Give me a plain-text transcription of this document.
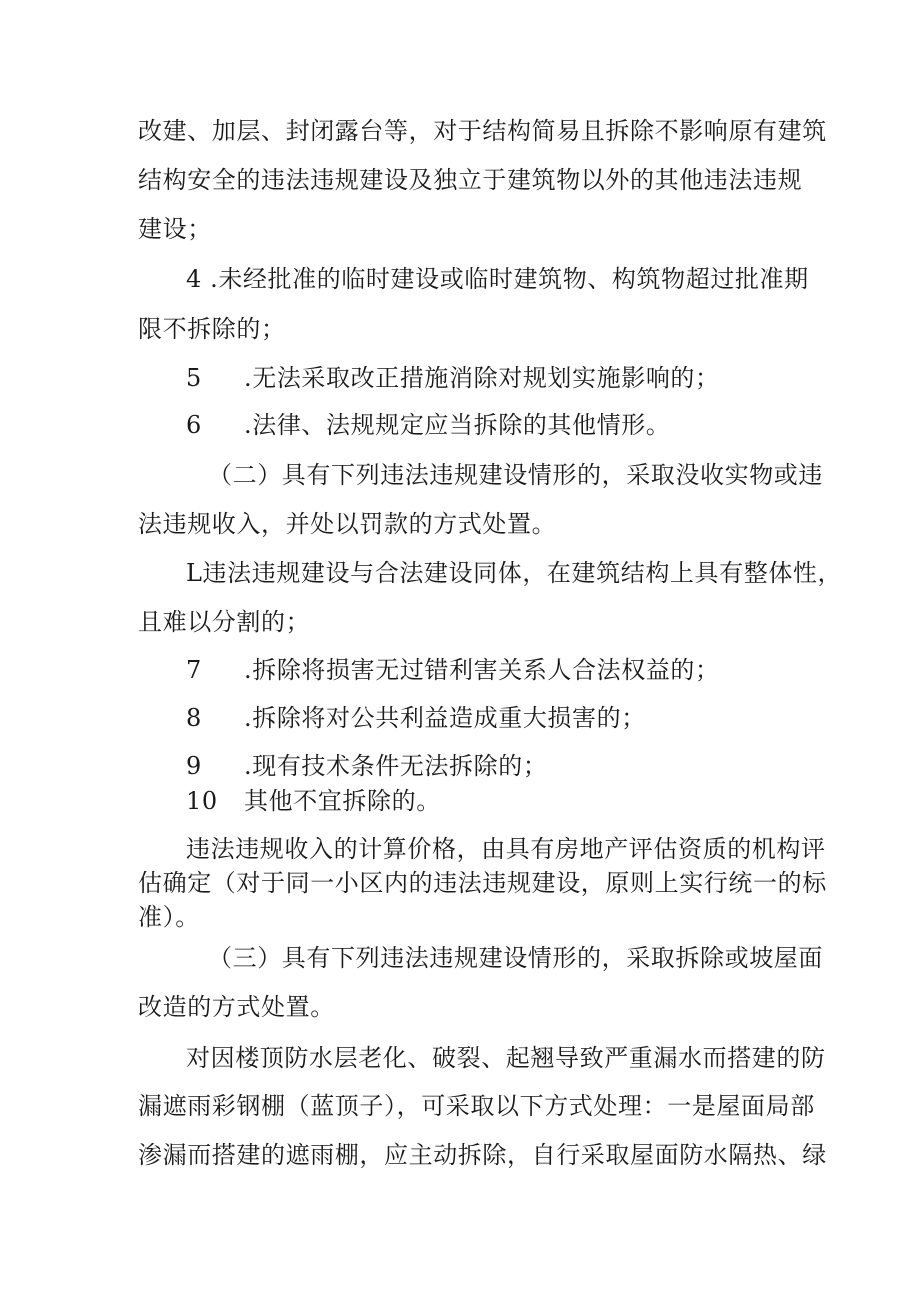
改建、加层、封闭露台等，对于结构简易且拆除不影响原有建筑
结构安全的违法违规建设及独立于建筑物以外的其他违法违规
建设；
4 .未经批准的临时建设或临时建筑物、构筑物超过批准期
限不拆除的；
5 .无法采取改正措施消除对规划实施影响的；
6 .法律、法规规定应当拆除的其他情形。
（二）具有下列违法违规建设情形的，采取没收实物或违
法违规收入，并处以罚款的方式处置。
L违法违规建设与合法建设同体，在建筑结构上具有整体性，
且难以分割的；
7 .拆除将损害无过错利害关系人合法权益的；
8 .拆除将对公共利益造成重大损害的；
9 .现有技术条件无法拆除的；
10 其他不宜拆除的。
违法违规收入的计算价格，由具有房地产评估资质的机构评
估确定（对于同一小区内的违法违规建设，原则上实行统一的标
准）。
（三）具有下列违法违规建设情形的，采取拆除或坡屋面
改造的方式处置。
对因楼顶防水层老化、破裂、起翘导致严重漏水而搭建的防
漏遮雨彩钢棚（蓝顶子），可采取以下方式处理：一是屋面局部
渗漏而搭建的遮雨棚，应主动拆除，自行采取屋面防水隔热、绿
